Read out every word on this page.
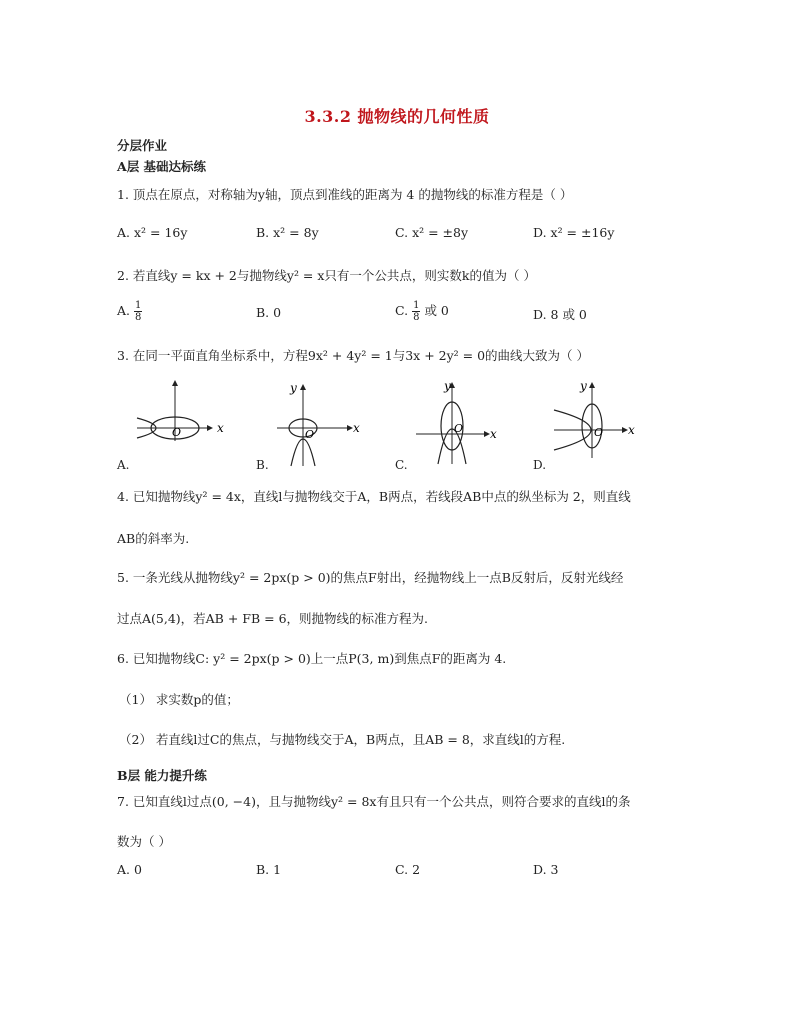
3.3.2 抛物线的几何性质
分层作业
A层 基础达标练
1. 顶点在原点，对称轴为y轴，顶点到准线的距离为 4 的抛物线的标准方程是（ ）
A. x² = 16y	B. x² = 8y	C. x² = ±8y	D. x² = ±16y
2. 若直线y = kx + 2与抛物线y² = x只有一个公共点，则实数k的值为（ ）
A. $\frac{1}{8}$	B. 0	C. $\frac{1}{8}$ 或 0	D. 8 或 0
3. 在同一平面直角坐标系中，方程9x² + 4y² = 1与3x + 2y² = 0的曲线大致为（ ）
x
O
A.
y
x
O
B.
y
x
O
C.
y
x
O
D.
4. 已知抛物线y² = 4x，直线l与抛物线交于A，B两点，若线段AB中点的纵坐标为 2，则直线
AB的斜率为.
5. 一条光线从抛物线y² = 2px(p > 0)的焦点F射出，经抛物线上一点B反射后，反射光线经
过点A(5,4)，若AB + FB = 6，则抛物线的标准方程为.
6. 已知抛物线C: y² = 2px(p > 0)上一点P(3, m)到焦点F的距离为 4.
（1） 求实数p的值；
（2） 若直线l过C的焦点，与抛物线交于A，B两点，且AB = 8，求直线l的方程.
B层 能力提升练
7. 已知直线l过点(0, −4)，且与抛物线y² = 8x有且只有一个公共点，则符合要求的直线l的条
数为（ ）
A. 0	B. 1	C. 2	D. 3
